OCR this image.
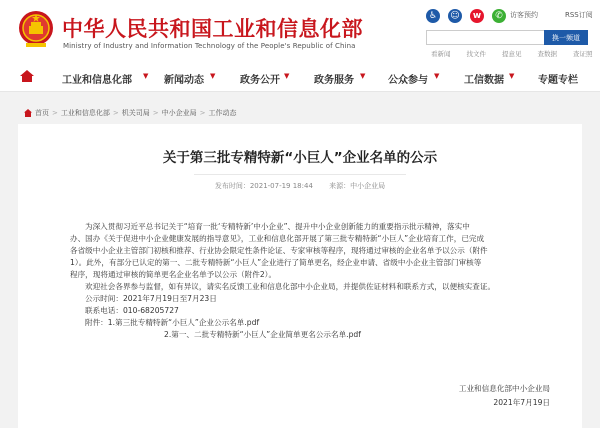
中华人民共和国工业和信息化部
Ministry of Industry and Information Technology of the People's Republic of China
♿	☺	w	✆	访客预约	RSS订阅
换一频道
看新闻 找文件 提意见 查数据 查证照
工业和信息化部 ▼ 新闻动态 ▼ 政务公开 ▼ 政务服务 ▼ 公众参与 ▼ 工信数据 ▼ 专题专栏
首页 > 工业和信息化部 > 机关司局 > 中小企业局 > 工作动态
关于第三批专精特新“小巨人”企业名单的公示
发布时间：2021-07-19 18:44 来源：中小企业局
为深入贯彻习近平总书记关于“培育一批‘专精特新’中小企业”、提升中小企业创新能力的重要指示批示精神，落实中
办、国办《关于促进中小企业健康发展的指导意见》，工业和信息化部开展了第三批专精特新“小巨人”企业培育工作，已完成
各省级中小企业主管部门初核和推荐、行业协会限定性条件论证、专家审核等程序，现将通过审核的企业名单予以公示（附件
1）。此外，有部分已认定的第一、二批专精特新“小巨人”企业进行了简单更名，经企业申请、省级中小企业主管部门审核等
程序，现将通过审核的简单更名企业名单予以公示（附件2）。
欢迎社会各界参与监督，如有异议，请实名反馈工业和信息化部中小企业局，并提供佐证材料和联系方式，以便核实查证。
公示时间：2021年7月19日至7月23日
联系电话：010-68205727
附件：1.第三批专精特新“小巨人”企业公示名单.pdf
2.第一、二批专精特新“小巨人”企业简单更名公示名单.pdf
工业和信息化部中小企业局
2021年7月19日
